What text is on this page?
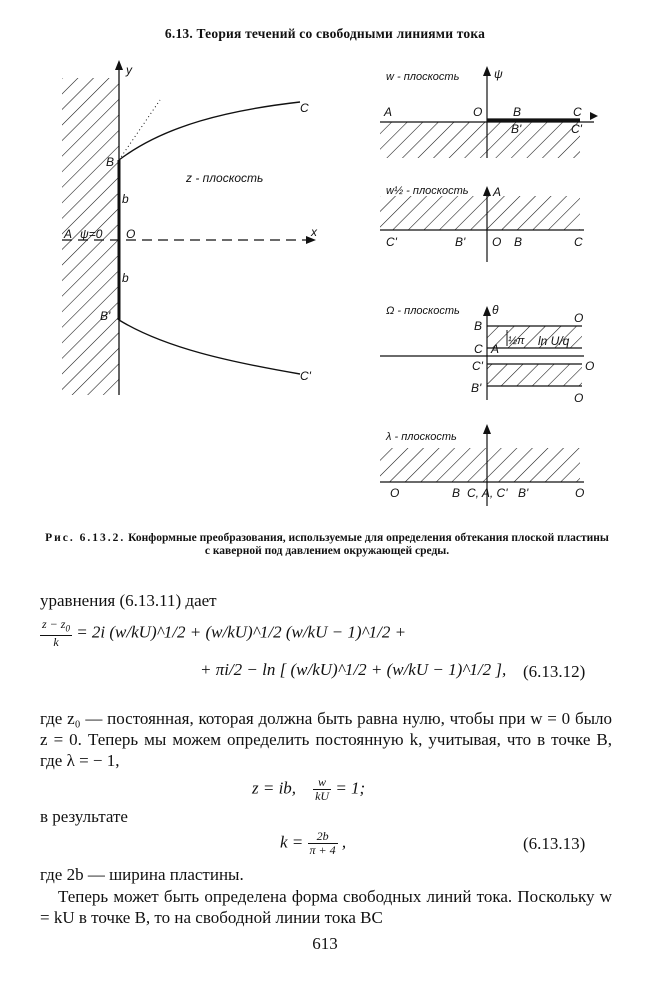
6.13. Теория течений со свободными линиями тока
x
y
z - плоскость
A ψ=0 O
b
b
B
B'
C
C'
w - плоскость	ψ
A	O	B
B'
C
C'
w½ - плоскость A
C'	B' O B	C
Ω - плоскость	θ
B
O
½π ln U/q
C A
C'	O
B'
O
λ - плоскость
O	B C, A, C' B'	O
Рис. 6.13.2. Конформные преобразования, используемые для определения обтекания плоской пластины с каверной под давлением окружающей среды.
уравнения (6.13.11) дает
$\frac{z - z_0}{k} = 2i$ (w/kU)^1/2 + (w/kU)^1/2 (w/kU − 1)^1/2 +
+ πi/2 − ln [ (w/kU)^1/2 + (w/kU − 1)^1/2 ], (6.13.12)
где z₀ — постоянная, которая должна быть равна нулю, чтобы при w = 0 было z = 0. Теперь мы можем определить постоянную k, учитывая, что в точке B, где λ = − 1,
z = ib, $\frac{w}{kU} = 1$;
в результате
$k = \frac{2b}{\pi + 4}$ ,	(6.13.13)
где 2b — ширина пластины.
Теперь может быть определена форма свободных линий тока. Поскольку w = kU в точке B, то на свободной линии тока BC
613
